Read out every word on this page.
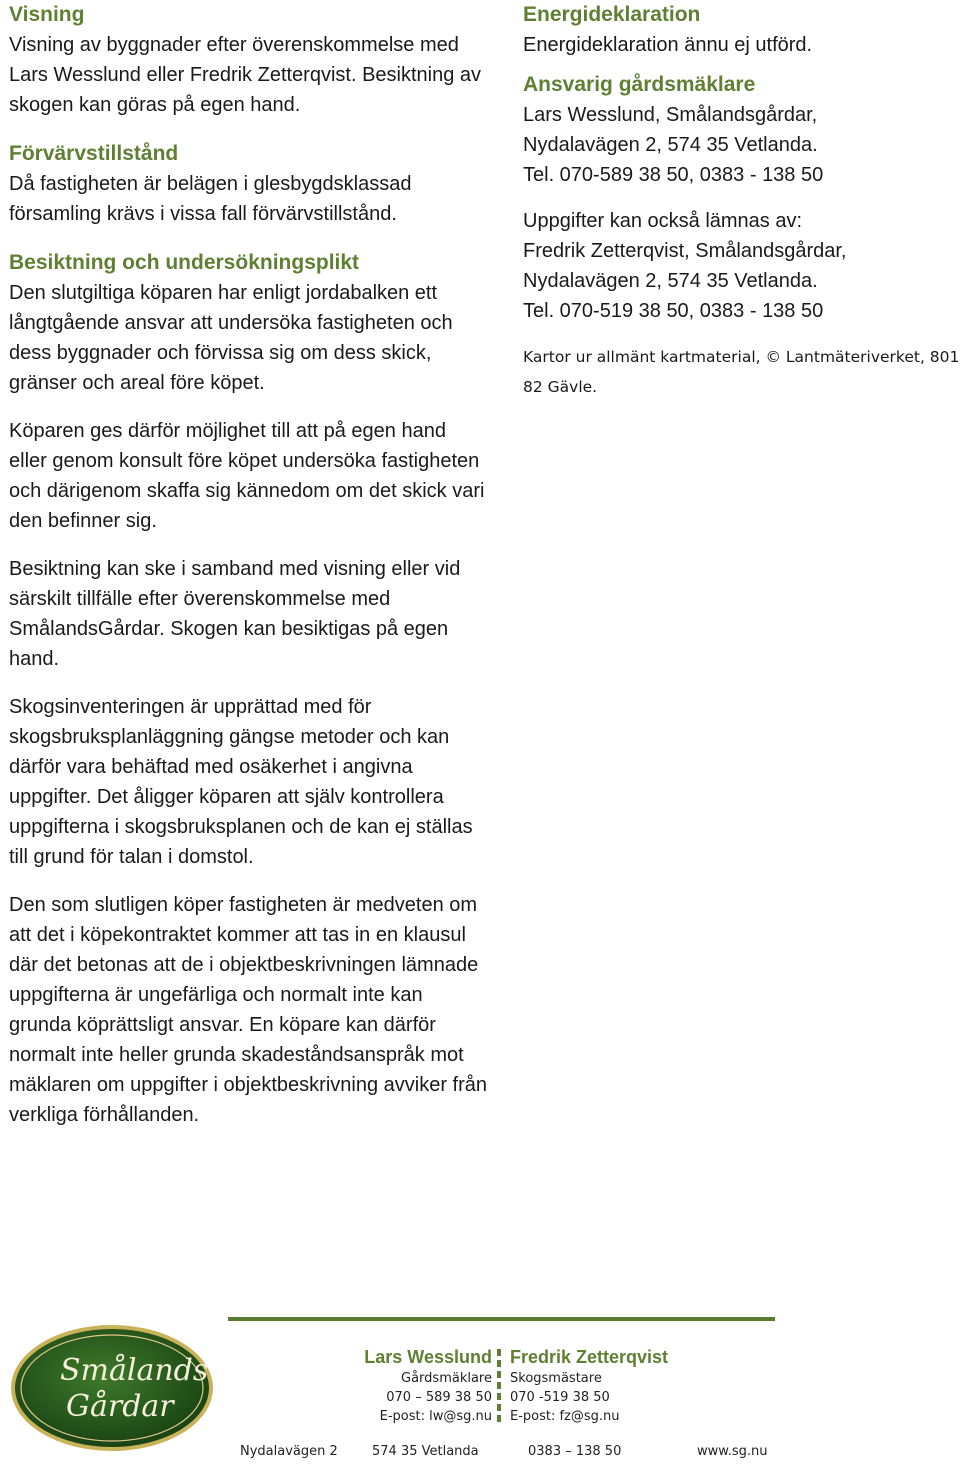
Visning

Visning av byggnader efter överenskommelse med Lars Wesslund eller Fredrik Zetterqvist. Besiktning av skogen kan göras på egen hand.

Förvärvstillstånd

Då fastigheten är belägen i glesbygdsklassad församling krävs i vissa fall förvärvstillstånd.

Besiktning och undersökningsplikt

Den slutgiltiga köparen har enligt jordabalken ett långtgående ansvar att undersöka fastigheten och dess byggnader och förvissa sig om dess skick, gränser och areal före köpet.

Köparen ges därför möjlighet till att på egen hand eller genom konsult före köpet undersöka fastigheten och därigenom skaffa sig kännedom om det skick vari den befinner sig.

Besiktning kan ske i samband med visning eller vid särskilt tillfälle efter överenskommelse med SmålandsGårdar. Skogen kan besiktigas på egen hand.

Skogsinventeringen är upprättad med för skogsbruksplanläggning gängse metoder och kan därför vara behäftad med osäkerhet i angivna uppgifter. Det åligger köparen att själv kontrollera uppgifterna i skogsbruksplanen och de kan ej ställas till grund för talan i domstol.

Den som slutligen köper fastigheten är medveten om att det i köpekontraktet kommer att tas in en klausul där det betonas att de i objektbeskrivningen lämnade uppgifterna är ungefärliga och normalt inte kan grunda köprättsligt ansvar. En köpare kan därför normalt inte heller grunda skadeståndsanspråk mot mäklaren om uppgifter i objektbeskrivning avviker från verkliga förhållanden.

Energideklaration

Energideklaration ännu ej utförd.

Ansvarig gårdsmäklare
Lars Wesslund, Smålandsgårdar,
Nydalavägen 2, 574 35 Vetlanda.
Tel. 070-589 38 50, 0383 - 138 50
Uppgifter kan också lämnas av:
Fredrik Zetterqvist, Smålandsgårdar,
Nydalavägen 2, 574 35 Vetlanda.
Tel. 070-519 38 50, 0383 - 138 50
Kartor ur allmänt kartmaterial, © Lantmäteriverket, 801 82 Gävle.
Smålands
Gårdar
Lars Wesslund
Gårdsmäklare
070 – 589 38 50
E-post: lw@sg.nu
Fredrik Zetterqvist
Skogsmästare
070 -519 38 50
E-post: fz@sg.nu
Nydalavägen 2	574 35 Vetlanda	0383 – 138 50	www.sg.nu
